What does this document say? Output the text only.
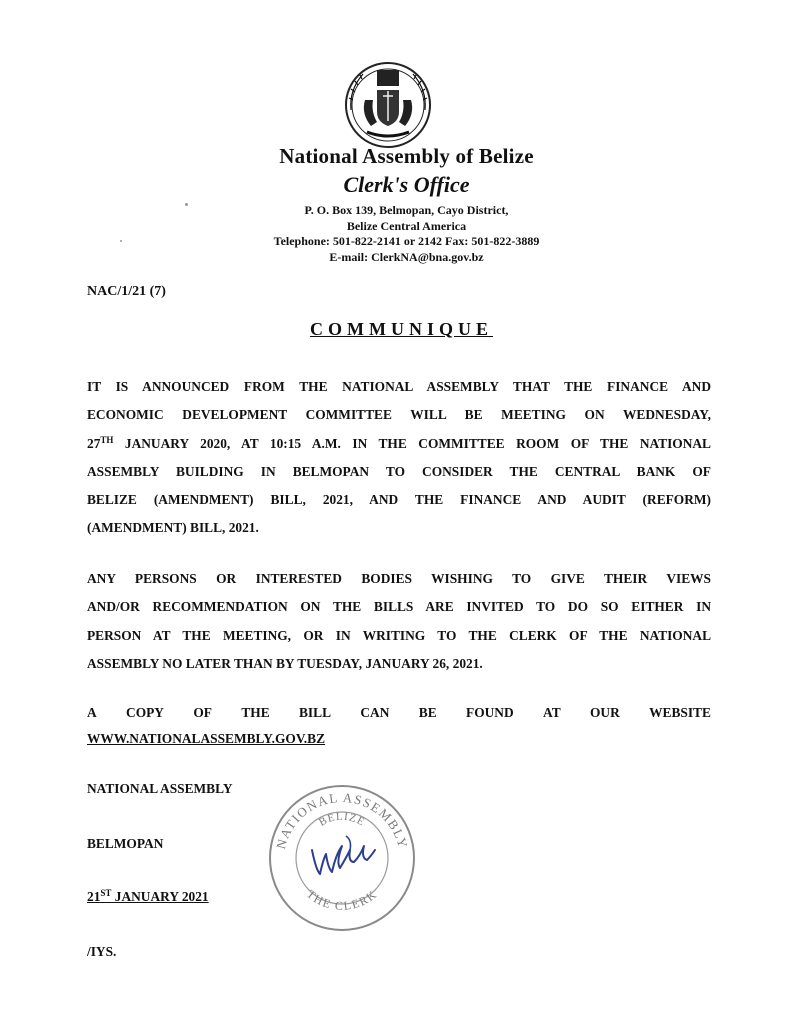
National Assembly of Belize
Clerk's Office
P. O. Box 139, Belmopan, Cayo District,
Belize Central America
Telephone: 501-822-2141 or 2142 Fax: 501-822-3889
E-mail: ClerkNA@bna.gov.bz
NAC/1/21 (7)
COMMUNIQUE
IT IS ANNOUNCED FROM THE NATIONAL ASSEMBLY THAT THE FINANCE AND
ECONOMIC DEVELOPMENT COMMITTEE WILL BE MEETING ON WEDNESDAY,
27TH JANUARY 2020, AT 10:15 A.M. IN THE COMMITTEE ROOM OF THE NATIONAL
ASSEMBLY BUILDING IN BELMOPAN TO CONSIDER THE CENTRAL BANK OF
BELIZE (AMENDMENT) BILL, 2021, AND THE FINANCE AND AUDIT (REFORM)
(AMENDMENT) BILL, 2021.
ANY PERSONS OR INTERESTED BODIES WISHING TO GIVE THEIR VIEWS
AND/OR RECOMMENDATION ON THE BILLS ARE INVITED TO DO SO EITHER IN
PERSON AT THE MEETING, OR IN WRITING TO THE CLERK OF THE NATIONAL
ASSEMBLY NO LATER THAN BY TUESDAY, JANUARY 26, 2021.
A COPY OF THE BILL CAN BE FOUND AT OUR WEBSITE
WWW.NATIONALASSEMBLY.GOV.BZ
NATIONAL ASSEMBLY
BELMOPAN
21ST JANUARY 2021
/IYS.
NATIONAL ASSEMBLY
BELIZE
THE CLERK
